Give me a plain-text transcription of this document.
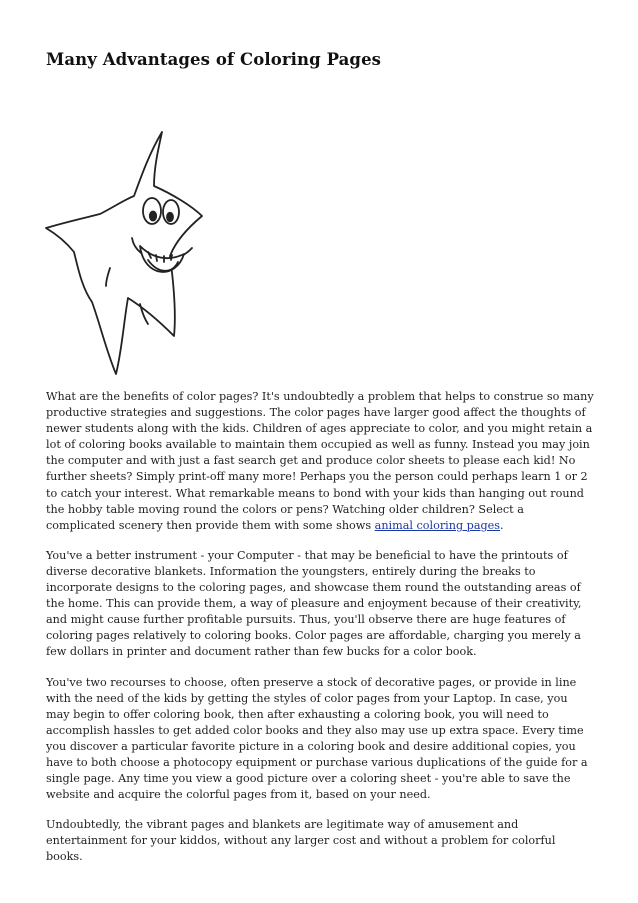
Many Advantages of Coloring Pages

What are the benefits of color pages? It's undoubtedly a problem that helps to construe so many productive strategies and suggestions. The color pages have larger good affect the thoughts of newer students along with the kids. Children of ages appreciate to color, and you might retain a lot of coloring books available to maintain them occupied as well as funny. Instead you may join the computer and with just a fast search get and produce color sheets to please each kid! No further sheets? Simply print-off many more! Perhaps you the person could perhaps learn 1 or 2 to catch your interest. What remarkable means to bond with your kids than hanging out round the hobby table moving round the colors or pens? Watching older children? Select a complicated scenery then provide them with some shows animal coloring pages.

You've a better instrument - your Computer - that may be beneficial to have the printouts of diverse decorative blankets. Information the youngsters, entirely during the breaks to incorporate designs to the coloring pages, and showcase them round the outstanding areas of the home. This can provide them, a way of pleasure and enjoyment because of their creativity, and might cause further profitable pursuits. Thus, you'll observe there are huge features of coloring pages relatively to coloring books. Color pages are affordable, charging you merely a few dollars in printer and document rather than few bucks for a color book.

You've two recourses to choose, often preserve a stock of decorative pages, or provide in line with the need of the kids by getting the styles of color pages from your Laptop. In case, you may begin to offer coloring book, then after exhausting a coloring book, you will need to accomplish hassles to get added color books and they also may use up extra space. Every time you discover a particular favorite picture in a coloring book and desire additional copies, you have to both choose a photocopy equipment or purchase various duplications of the guide for a single page. Any time you view a good picture over a coloring sheet - you're able to save the website and acquire the colorful pages from it, based on your need.

Undoubtedly, the vibrant pages and blankets are legitimate way of amusement and entertainment for your kiddos, without any larger cost and without a problem for colorful books.
